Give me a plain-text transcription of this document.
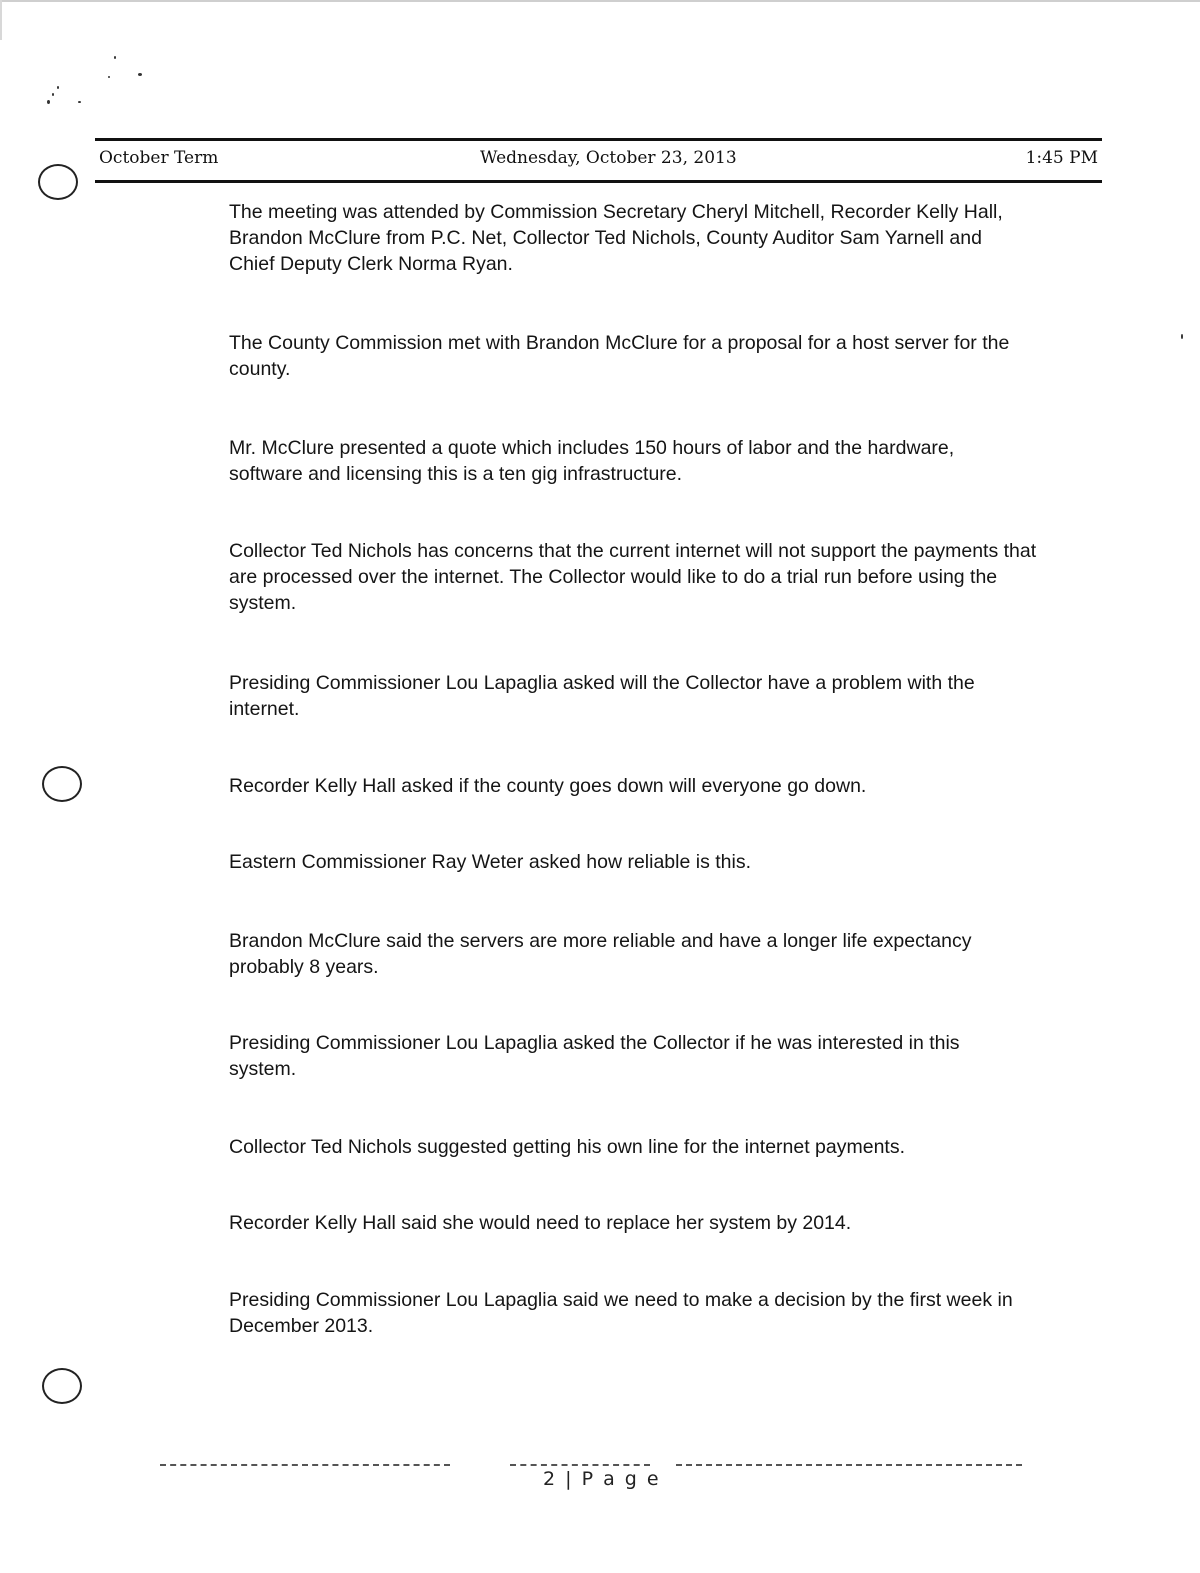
October Term	Wednesday, October 23, 2013	1:45 PM
The meeting was attended by Commission Secretary Cheryl Mitchell, Recorder Kelly Hall, Brandon McClure from P.C. Net, Collector Ted Nichols, County Auditor Sam Yarnell and Chief Deputy Clerk Norma Ryan.
The County Commission met with Brandon McClure for a proposal for a host server for the county.
Mr. McClure presented a quote which includes 150 hours of labor and the hardware, software and licensing this is a ten gig infrastructure.
Collector Ted Nichols has concerns that the current internet will not support the payments that are processed over the internet. The Collector would like to do a trial run before using the system.
Presiding Commissioner Lou Lapaglia asked will the Collector have a problem with the internet.
Recorder Kelly Hall asked if the county goes down will everyone go down.
Eastern Commissioner Ray Weter asked how reliable is this.
Brandon McClure said the servers are more reliable and have a longer life expectancy probably 8 years.
Presiding Commissioner Lou Lapaglia asked the Collector if he was interested in this system.
Collector Ted Nichols suggested getting his own line for the internet payments.
Recorder Kelly Hall said she would need to replace her system by 2014.
Presiding Commissioner Lou Lapaglia said we need to make a decision by the first week in December 2013.
2 | P a g e
